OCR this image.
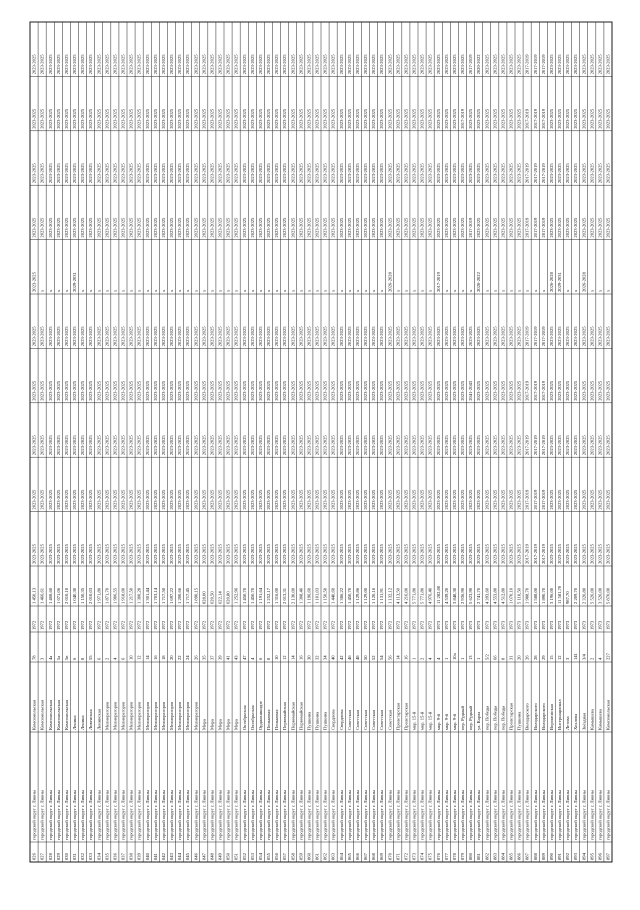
826
городской округ г. Ливны
Комсомольская
78
1972
1 450,13
2023-2025
2023-2025
2023-2025
2023-2025
2023-2025
2023-2025
2023-2025
2023-2025
2023-2025
2023-2025
827
городской округ г. Ливны
Комсомольская
3
1972
1 466,61
2023-2025
2023-2025
2023-2025
2023-2025
2023-2025
x
2023-2025
2023-2025
2023-2025
2023-2025
828
городской округ г. Ливны
Комсомольская
4а
1972
1 408,60
2023-2025
2023-2025
2023-2025
2023-2025
2023-2025
x
2023-2025
2023-2025
2023-2025
2023-2025
829
городской округ г. Ливны
Комсомольская
5а
1972
1 071,06
2023-2025
2023-2025
2023-2025
2023-2025
2023-2025
x
2023-2025
2023-2025
2023-2025
2023-2025
830
городской округ г. Ливны
Комсомольская
5в
1972
2 010,10
2023-2025
2023-2025
2023-2025
2023-2025
2023-2025
x
2023-2025
2023-2025
2023-2025
2023-2025
831
городской округ г. Ливны
Ленина
6
1972
1 040,30
2023-2025
2023-2025
2023-2025
2023-2025
2023-2025
2029-2031
2023-2025
2023-2025
2023-2025
2023-2025
832
городской округ г. Ливны
Ленина
8
1972
1 150,35
2023-2025
2023-2025
2023-2025
2023-2025
2023-2025
x
2023-2025
2023-2025
2023-2025
2023-2025
833
городской округ г. Ливны
Ливенская
55
1972
2 010,03
2023-2025
2023-2025
2023-2025
2023-2025
2023-2025
x
2023-2025
2023-2025
2023-2025
2023-2025
834
городской округ г. Ливны
Ленинская
6
1972
1 971,80
2023-2025
2023-2025
2023-2025
2023-2025
2023-2025
x
2023-2025
2023-2025
2023-2025
2023-2025
835
городской округ г. Ливны
Мелиораторов
2
1972
1 871,70
2023-2025
2023-2025
2023-2025
2023-2025
2023-2025
x
2023-2025
2023-2025
2023-2025
2023-2025
836
городской округ г. Ливны
Мелиораторов
4
1972
1 906,55
2023-2025
2023-2025
2023-2025
2023-2025
2023-2025
x
2023-2025
2023-2025
2023-2025
2023-2025
837
городской округ г. Ливны
Мелиораторов
6
1972
1 918,00
2023-2025
2023-2025
2023-2025
2023-2025
2023-2025
x
2023-2025
2023-2025
2023-2025
2023-2025
838
городской округ г. Ливны
Мелиораторов
10
1972
1 217,50
2023-2025
2023-2025
2023-2025
2023-2025
2023-2025
x
2023-2025
2023-2025
2023-2025
2023-2025
839
городской округ г. Ливны
Мелиораторов
12
1972
1 300,28
2023-2025
2023-2025
2023-2025
2023-2025
2023-2025
x
2023-2025
2023-2025
2023-2025
2023-2025
840
городской округ г. Ливны
Мелиораторов
14
1972
1 301,44
2023-2025
2023-2025
2023-2025
2023-2025
2023-2025
x
2023-2025
2023-2025
2023-2025
2023-2025
841
городской округ г. Ливны
Мелиораторов
16
1972
1 703,14
2023-2025
2023-2025
2023-2025
2023-2025
2023-2025
x
2023-2025
2023-2025
2023-2025
2023-2025
842
городской округ г. Ливны
Мелиораторов
18
1972
1 717,50
2023-2025
2023-2025
2023-2025
2023-2025
2023-2025
x
2023-2025
2023-2025
2023-2025
2023-2025
843
городской округ г. Ливны
Мелиораторов
20
1972
1 697,22
2023-2025
2023-2025
2023-2025
2023-2025
2023-2025
x
2023-2025
2023-2025
2023-2025
2023-2025
844
городской округ г. Ливны
Мелиораторов
22
1972
1 200,66
2023-2025
2023-2025
2023-2025
2023-2025
2023-2025
x
2023-2025
2023-2025
2023-2025
2023-2025
845
городской округ г. Ливны
Мелиораторов
24
1972
1 717,45
2023-2025
2023-2025
2023-2025
2023-2025
2023-2025
x
2023-2025
2023-2025
2023-2025
2023-2025
846
городской округ г. Ливны
Мелиораторов
26
1972
1 890,15
2023-2025
2023-2025
2023-2025
2023-2025
2023-2025
x
2023-2025
2023-2025
2023-2025
2023-2025
847
городской округ г. Ливны
Мира
35
1972
828,00
2023-2025
2023-2025
2023-2025
2023-2025
2023-2025
x
2023-2025
2023-2025
2023-2025
2023-2025
848
городской округ г. Ливны
Мира
37
1972
620,50
2023-2025
2023-2025
2023-2025
2023-2025
2023-2025
x
2023-2025
2023-2025
2023-2025
2023-2025
849
городской округ г. Ливны
Мира
39
1972
622,14
2023-2025
2023-2025
2023-2025
2023-2025
2023-2025
x
2023-2025
2023-2025
2023-2025
2023-2025
850
городской округ г. Ливны
Мира
41
1972
620,80
2023-2025
2023-2025
2023-2025
2023-2025
2023-2025
x
2023-2025
2023-2025
2023-2025
2023-2025
851
городской округ г. Ливны
Мира
43
1972
1 252,96
2023-2025
2023-2025
2023-2025
2023-2025
2023-2025
x
2023-2025
2023-2025
2023-2025
2023-2025
852
городской округ г. Ливны
Октябрьская
47
1972
1 450,70
2023-2025
2023-2025
2023-2025
2023-2025
2023-2025
x
2023-2025
2023-2025
2023-2025
2023-2025
853
городской округ г. Ливны
Октябрьская
4
1972
1 450,70
2023-2025
2023-2025
2023-2025
2023-2025
2023-2025
x
2023-2025
2023-2025
2023-2025
2023-2025
854
городской округ г. Ливны
Орджоникидзе
6
1972
1 191,64
2023-2025
2023-2025
2023-2025
2023-2025
2023-2025
x
2023-2025
2023-2025
2023-2025
2023-2025
855
городской округ г. Ливны
Пеньковая
8
1972
1 252,17
2023-2025
2023-2025
2023-2025
2023-2025
2023-2025
x
2023-2025
2023-2025
2023-2025
2023-2025
856
городской округ г. Ливны
Пеньковая
10
1972
1 316,00
2023-2025
2023-2025
2023-2025
2023-2025
2023-2025
x
2023-2025
2023-2025
2023-2025
2023-2025
857
городской округ г. Ливны
Первомайская
12
1972
2 013,31
2023-2025
2023-2025
2023-2025
2023-2025
2023-2025
x
2023-2025
2023-2025
2023-2025
2023-2025
858
городской округ г. Ливны
Первомайская
14
1972
2 130,00
2023-2025
2023-2025
2023-2025
2023-2025
2023-2025
x
2023-2025
2023-2025
2023-2025
2023-2025
859
городской округ г. Ливны
Первомайская
16
1972
1 308,46
2023-2025
2023-2025
2023-2025
2023-2025
2023-2025
x
2023-2025
2023-2025
2023-2025
2023-2025
860
городской округ г. Ливны
Пушкина
30
1972
1 196,60
2023-2025
2023-2025
2023-2025
2023-2025
2023-2025
x
2023-2025
2023-2025
2023-2025
2023-2025
861
городской округ г. Ливны
Пушкина
32
1972
1 101,03
2023-2025
2023-2025
2023-2025
2023-2025
2023-2025
x
2023-2025
2023-2025
2023-2025
2023-2025
862
городской округ г. Ливны
Пушкина
34
1972
1 150,50
2023-2025
2023-2025
2023-2025
2023-2025
2023-2025
x
2023-2025
2023-2025
2023-2025
2023-2025
863
городской округ г. Ливны
Свердлова
40
1972
1 440,60
2023-2025
2023-2025
2023-2025
2023-2025
2023-2025
x
2023-2025
2023-2025
2023-2025
2023-2025
864
городской округ г. Ливны
Свердлова
42
1972
1 386,22
2023-2025
2023-2025
2023-2025
2023-2025
2023-2025
x
2023-2025
2023-2025
2023-2025
2023-2025
865
городской округ г. Ливны
Советская
46
1972
1 450,70
2023-2025
2023-2025
2023-2025
2023-2025
2023-2025
x
2023-2025
2023-2025
2023-2025
2023-2025
866
городской округ г. Ливны
Советская
48
1972
1 129,86
2023-2025
2023-2025
2023-2025
2023-2025
2023-2025
x
2023-2025
2023-2025
2023-2025
2023-2025
867
городской округ г. Ливны
Советская
50
1972
1 129,00
2023-2025
2023-2025
2023-2025
2023-2025
2023-2025
x
2023-2025
2023-2025
2023-2025
2023-2025
868
городской округ г. Ливны
Советская
52
1972
1 120,16
2023-2025
2023-2025
2023-2025
2023-2025
2023-2025
x
2023-2025
2023-2025
2023-2025
2023-2025
869
городской округ г. Ливны
Советская
54
1972
1 131,91
2023-2025
2023-2025
2023-2025
2023-2025
2023-2025
x
2023-2025
2023-2025
2023-2025
2023-2025
870
городской округ г. Ливны
Советская
56
1972
1 132,12
2023-2025
2023-2025
2023-2025
2023-2025
2023-2025
2026-2028
2023-2025
2023-2025
2023-2025
2023-2025
871
городской округ г. Ливны
Пролетарская
14
1972
4 113,50
2023-2025
2023-2025
2023-2025
2023-2025
2023-2025
x
2023-2025
2023-2025
2023-2025
2023-2025
872
городской округ г. Ливны
Пролетарская
16
1972
4 216,00
2023-2025
2023-2025
2023-2025
2023-2025
2023-2025
x
2023-2025
2023-2025
2023-2025
2023-2025
873
городской округ г. Ливны
мкр. 15-й
1
1972
5 771,80
2023-2025
2023-2025
2023-2025
2023-2025
2023-2025
x
2023-2025
2023-2025
2023-2025
2023-2025
874
городской округ г. Ливны
мкр. 15-й
2
1972
5 771,80
2023-2025
2023-2025
2023-2025
2023-2025
2023-2025
x
2023-2025
2023-2025
2023-2025
2023-2025
875
городской округ г. Ливны
мкр. 15-й
4
1972
4 976,40
2023-2025
2023-2025
2023-2025
2023-2025
2023-2025
x
2023-2025
2023-2025
2023-2025
2023-2025
876
городской округ г. Ливны
мкр. 9-й
4
1973
11 282,00
2023-2025
2023-2025
2023-2025
2023-2025
2023-2025
2017-2019
2023-2025
2023-2025
2023-2025
2023-2025
877
городской округ г. Ливны
мкр. 9-й
1
1973
4 539,20
2023-2025
2023-2025
2023-2025
2023-2025
2023-2025
x
2023-2025
2023-2025
2023-2025
2023-2025
878
городской округ г. Ливны
мкр. 9-й
10а
1973
3 848,30
2023-2025
2023-2025
2023-2025
2023-2025
2023-2025
x
2023-2025
2023-2025
2023-2025
2023-2025
879
городской округ г. Ливны
пер. Рудный
1
1973
2 936,90
2023-2025
2023-2025
2023-2025
2023-2025
2023-2025
x
2023-2025
2023-2025
2017-2019
2023-2025
880
городской округ г. Ливны
пер. Рудный
13
1973
5 623,90
2023-2025
2023-2025
2023-2025
2041-2043
2023-2025
x
2017-2019
2023-2025
2023-2025
2017-2019
881
городской округ г. Ливны
ул. Карла
1
1973
2 741,70
2023-2025
2023-2025
2023-2025
2023-2025
2023-2025
2020-2022
2023-2025
2023-2025
2023-2025
2020-2022
882
городской округ г. Ливны
пер. Победы
5/2
1973
4 393,60
2023-2025
2023-2025
2023-2025
2023-2025
2023-2025
x
2023-2025
2023-2025
2023-2025
2023-2025
883
городской округ г. Ливны
пер. Победы
6б
1973
4 553,80
2023-2025
2023-2025
2023-2025
2023-2025
2023-2025
x
2023-2025
2023-2025
2023-2025
2023-2025
884
городской округ г. Ливны
пер. Победы
8
1973
4 512,80
2023-2025
2023-2025
2023-2025
2023-2025
2023-2025
x
2023-2025
2023-2025
2023-2025
2023-2025
885
городской округ г. Ливны
Пролетарская
31
1973
1 070,10
2023-2025
2023-2025
2023-2025
2023-2025
2023-2025
x
2023-2025
2023-2025
2023-2025
2023-2025
886
городской округ г. Ливны
Пушкина
20
1973
5 110,50
2023-2025
2023-2025
2023-2025
2023-2025
2023-2025
x
2023-2025
2023-2025
2023-2025
2023-2025
887
городской округ г. Ливны
Володарского
26
1973
1 988,70
2017-2019
2017-2019
2017-2019
2017-2019
2017-2019
x
2017-2019
2017-2019
2017-2019
2017-2019
888
городской округ г. Ливны
Володарского
28
1973
1 588,00
2017-2019
2017-2019
2017-2019
2017-2019
2017-2019
x
2017-2019
2017-2019
2017-2019
2017-2019
889
городской округ г. Ливны
Володарского
29
1973
1 890,70
2017-2019
2017-2019
2017-2019
2017-2019
2017-2019
x
2017-2019
2017-2019
2017-2019
2017-2019
890
городской округ г. Ливны
Воронежская
15
1973
3 196,00
2023-2025
2023-2025
2023-2025
2023-2025
2023-2025
2026-2028
2023-2025
2023-2025
2023-2025
2023-2025
891
городской округ г. Ливны
Интернационал
12
1973
11 581,70
2023-2025
2023-2025
2023-2025
2023-2025
2023-2025
2029-2031
2023-2025
2023-2025
2023-2025
2023-2025
892
городской округ г. Ливны
Летова
3
1973
987,70
2023-2025
2023-2025
2023-2025
2023-2025
2023-2025
x
2023-2025
2023-2025
2023-2025
2023-2025
893
городской округ г. Ливны
Хохлова
141
1973
2 209,70
2023-2025
2023-2025
2023-2025
2023-2025
2023-2025
x
2023-2025
2023-2025
2023-2025
2023-2025
894
городской округ г. Ливны
Звёздная
3/4
1973
2 326,80
2023-2025
2023-2025
2023-2025
2023-2025
2023-2025
2026-2028
2023-2025
2023-2025
2023-2025
2023-2025
895
городской округ г. Ливны
Камышева
2
1973
5 526,00
2023-2025
2023-2025
2023-2025
2023-2025
2023-2025
x
2023-2025
2023-2025
2023-2025
2023-2025
896
городской округ г. Ливны
Камышева
4
1973
3 526,00
2023-2025
2023-2025
2023-2025
2023-2025
2023-2025
x
2023-2025
2023-2025
2023-2025
2023-2025
897
городской округ г. Ливны
Комсомольская
227
1973
5 870,00
2023-2025
2023-2025
2023-2025
2023-2025
2023-2025
x
2023-2025
2023-2025
2023-2025
2023-2025
